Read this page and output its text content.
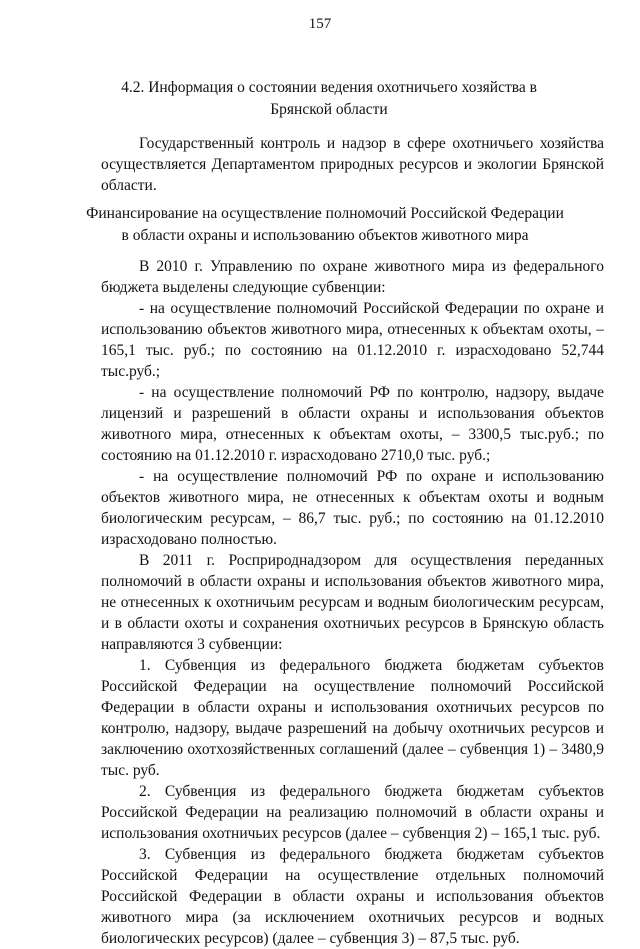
157
4.2. Информация о состоянии ведения охотничьего хозяйства в
Брянской области

Государственный контроль и надзор в сфере охотничьего хозяйства осуществляется Департаментом природных ресурсов и экологии Брянской области.

Финансирование на осуществление полномочий Российской Федерации
в области охраны и использованию объектов животного мира

В 2010 г. Управлению по охране животного мира из федерального бюджета выделены следующие субвенции:

- на осуществление полномочий Российской Федерации по охране и использованию объектов животного мира, отнесенных к объектам охоты, – 165,1 тыс. руб.; по состоянию на 01.12.2010 г. израсходовано 52,744 тыс.руб.;

- на осуществление полномочий РФ по контролю, надзору, выдаче лицензий и разрешений в области охраны и использования объектов животного мира, отнесенных к объектам охоты, – 3300,5 тыс.руб.; по состоянию на 01.12.2010 г. израсходовано 2710,0 тыс. руб.;

- на осуществление полномочий РФ по охране и использованию объектов животного мира, не отнесенных к объектам охоты и водным биологическим ресурсам, – 86,7 тыс. руб.; по состоянию на 01.12.2010 израсходовано полностью.

В 2011 г. Росприроднадзором для осуществления переданных полномочий в области охраны и использования объектов животного мира, не отнесенных к охотничьим ресурсам и водным биологическим ресурсам, и в области охоты и сохранения охотничьих ресурсов в Брянскую область направляются 3 субвенции:

1. Субвенция из федерального бюджета бюджетам субъектов Российской Федерации на осуществление полномочий Российской Федерации в области охраны и использования охотничьих ресурсов по контролю, надзору, выдаче разрешений на добычу охотничьих ресурсов и заключению охотхозяйственных соглашений (далее – субвенция 1) – 3480,9 тыс. руб.

2. Субвенция из федерального бюджета бюджетам субъектов Российской Федерации на реализацию полномочий в области охраны и использования охотничьих ресурсов (далее – субвенция 2) – 165,1 тыс. руб.

3. Субвенция из федерального бюджета бюджетам субъектов Российской Федерации на осуществление отдельных полномочий Российской Федерации в области охраны и использования объектов животного мира (за исключением охотничьих ресурсов и водных биологических ресурсов) (далее – субвенция 3) – 87,5 тыс. руб.
